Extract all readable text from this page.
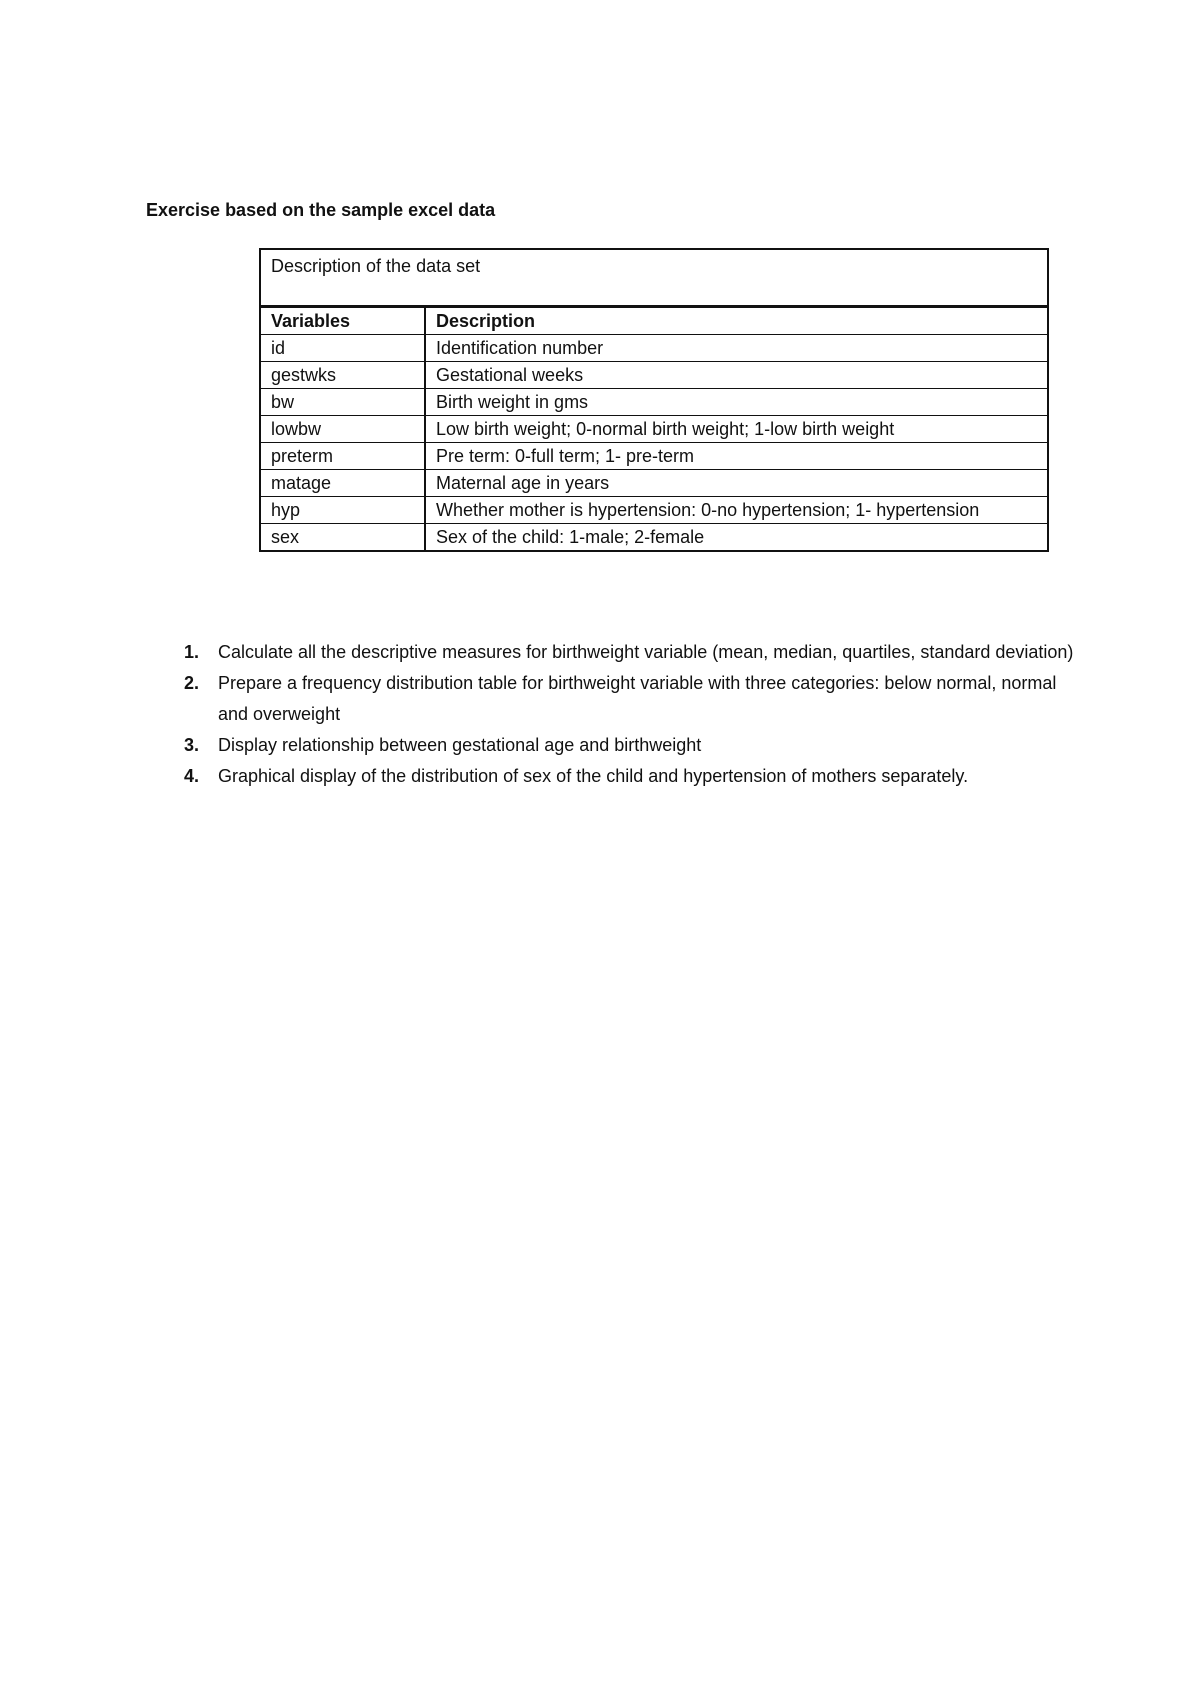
Exercise based on the sample excel data
Description of the data set	
Variables	Description
id	Identification number
gestwks	Gestational weeks
bw	Birth weight in gms
lowbw	Low birth weight; 0-normal birth weight; 1-low birth weight
preterm	Pre term: 0-full term; 1- pre-term
matage	Maternal age in years
hyp	Whether mother is hypertension: 0-no hypertension; 1- hypertension
sex	Sex of the child: 1-male; 2-female
1. Calculate all the descriptive measures for birthweight variable (mean, median, quartiles, standard deviation)
2. Prepare a frequency distribution table for birthweight variable with three categories: below normal, normal and overweight
3. Display relationship between gestational age and birthweight
4. Graphical display of the distribution of sex of the child and hypertension of mothers separately.
